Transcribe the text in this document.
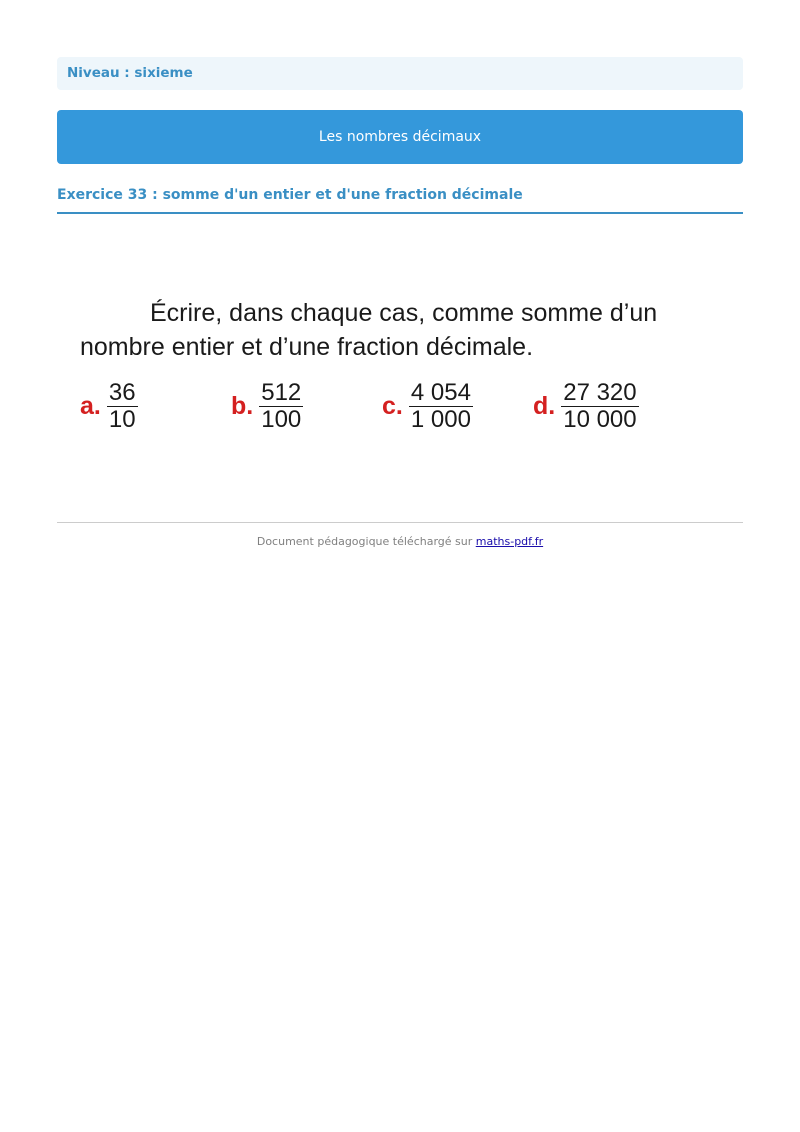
Niveau : sixieme
Les nombres décimaux
Exercice 33 : somme d'un entier et d'une fraction décimale
Écrire, dans chaque cas, comme somme d’un nombre entier et d’une fraction décimale.
a. $\frac{36}{10}$	b. $\frac{512}{100}$	c. $\frac{4 054}{1 000} d$. $\frac{27 320}{10 000}$
Document pédagogique téléchargé sur maths-pdf.fr
